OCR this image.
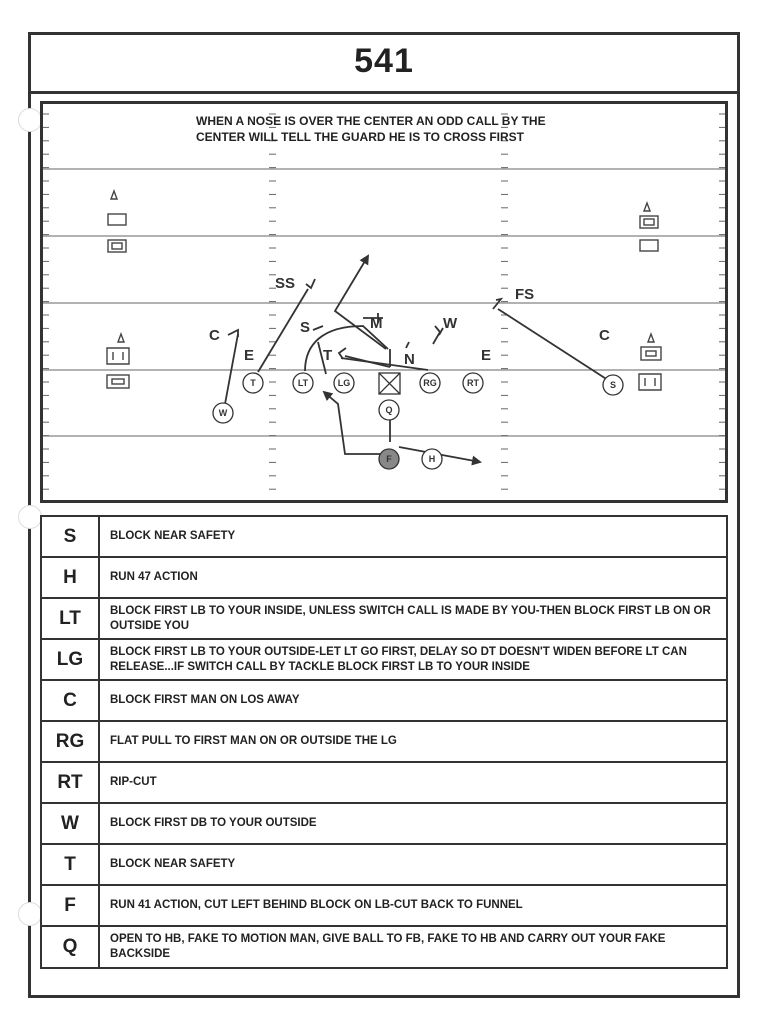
541
SS
FS
C	C
E	E
S	M	W
T	N
W
T	LT	LG	RG	RT	S
Q
F	H
WHEN A NOSE IS OVER THE CENTER AN ODD CALL BY THE
CENTER WILL TELL THE GUARD HE IS TO CROSS FIRST
S	BLOCK NEAR SAFETY
H	RUN 47 ACTION
LT	BLOCK FIRST LB TO YOUR INSIDE, UNLESS SWITCH CALL IS MADE BY YOU-THEN BLOCK FIRST LB ON OR OUTSIDE YOU
LG	BLOCK FIRST LB TO YOUR OUTSIDE-LET LT GO FIRST, DELAY SO DT DOESN'T WIDEN BEFORE LT CAN RELEASE...IF SWITCH CALL BY TACKLE BLOCK FIRST LB TO YOUR INSIDE
C	BLOCK FIRST MAN ON LOS AWAY
RG	FLAT PULL TO FIRST MAN ON OR OUTSIDE THE LG
RT	RIP-CUT
W	BLOCK FIRST DB TO YOUR OUTSIDE
T	BLOCK NEAR SAFETY
F	RUN 41 ACTION, CUT LEFT BEHIND BLOCK ON LB-CUT BACK TO FUNNEL
Q	OPEN TO HB, FAKE TO MOTION MAN, GIVE BALL TO FB, FAKE TO HB AND CARRY OUT YOUR FAKE BACKSIDE
